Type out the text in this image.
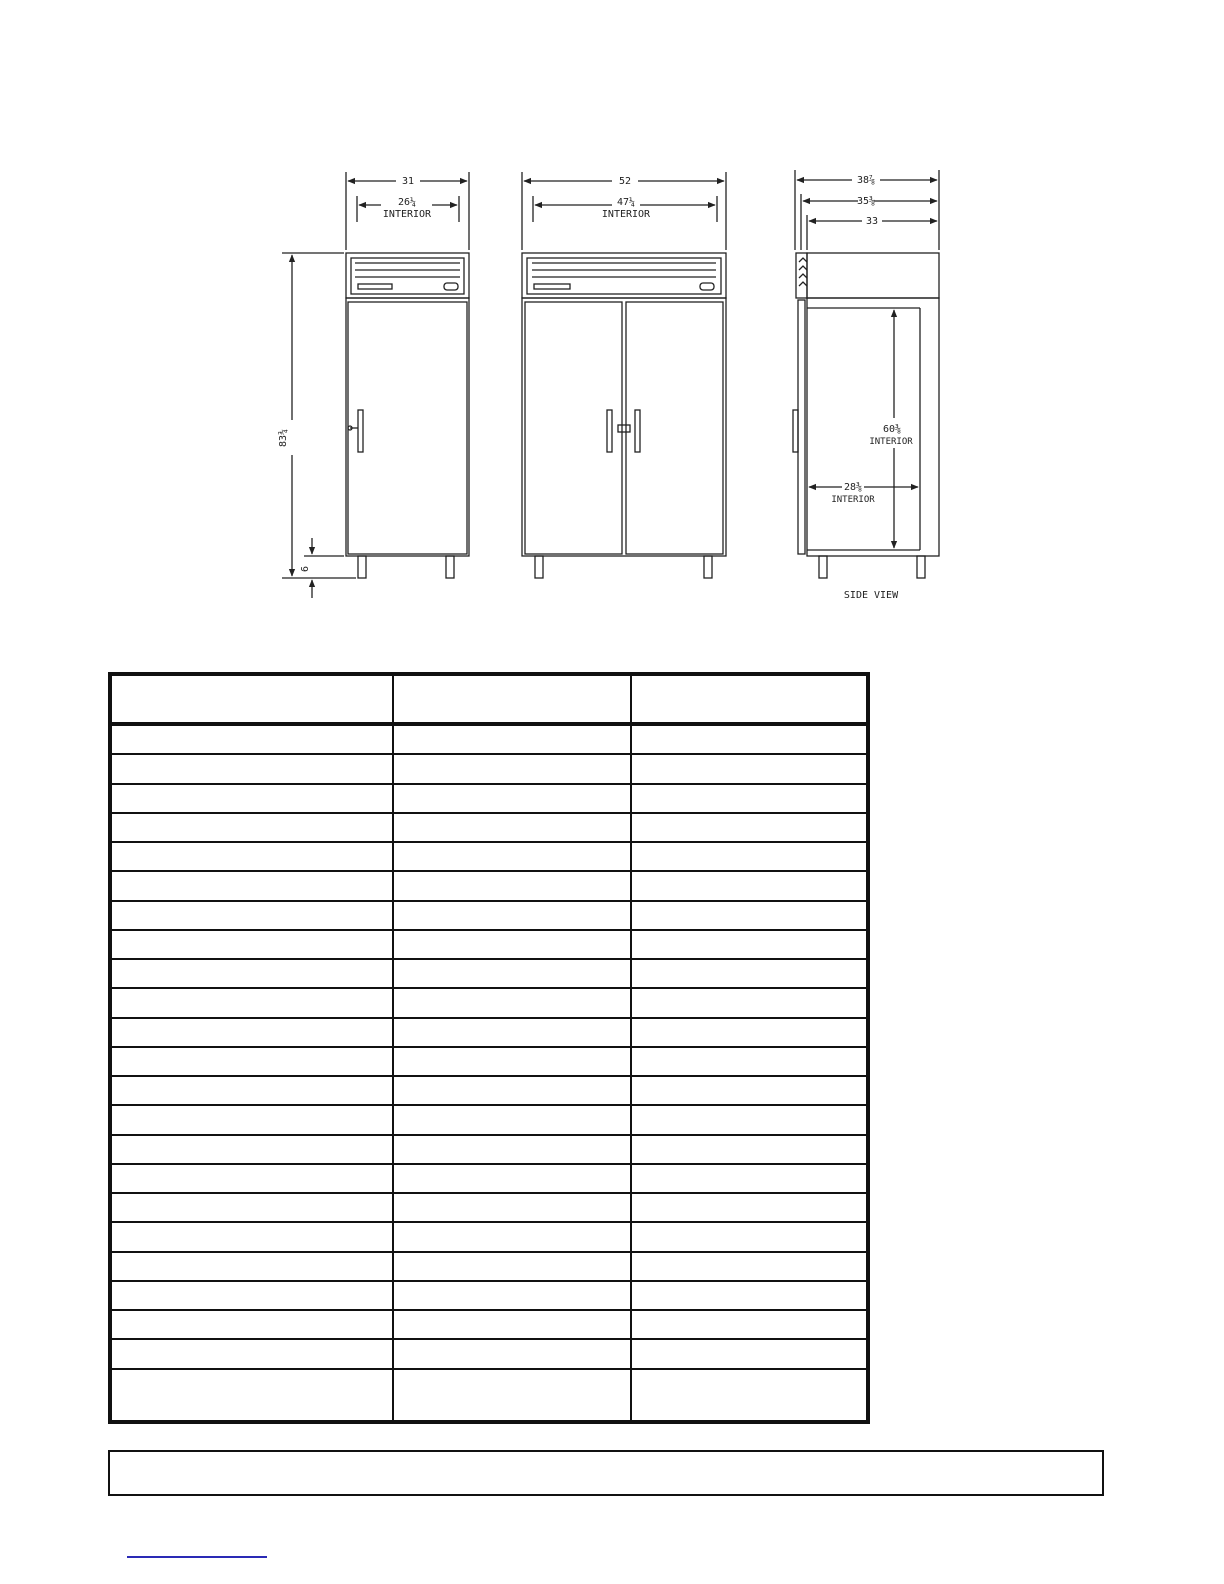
31
26¼
INTERIOR
83¾
6
52
47¼
INTERIOR
38⅞
35⅜
33
60⅜
INTERIOR
28⅜
INTERIOR
SIDE VIEW
